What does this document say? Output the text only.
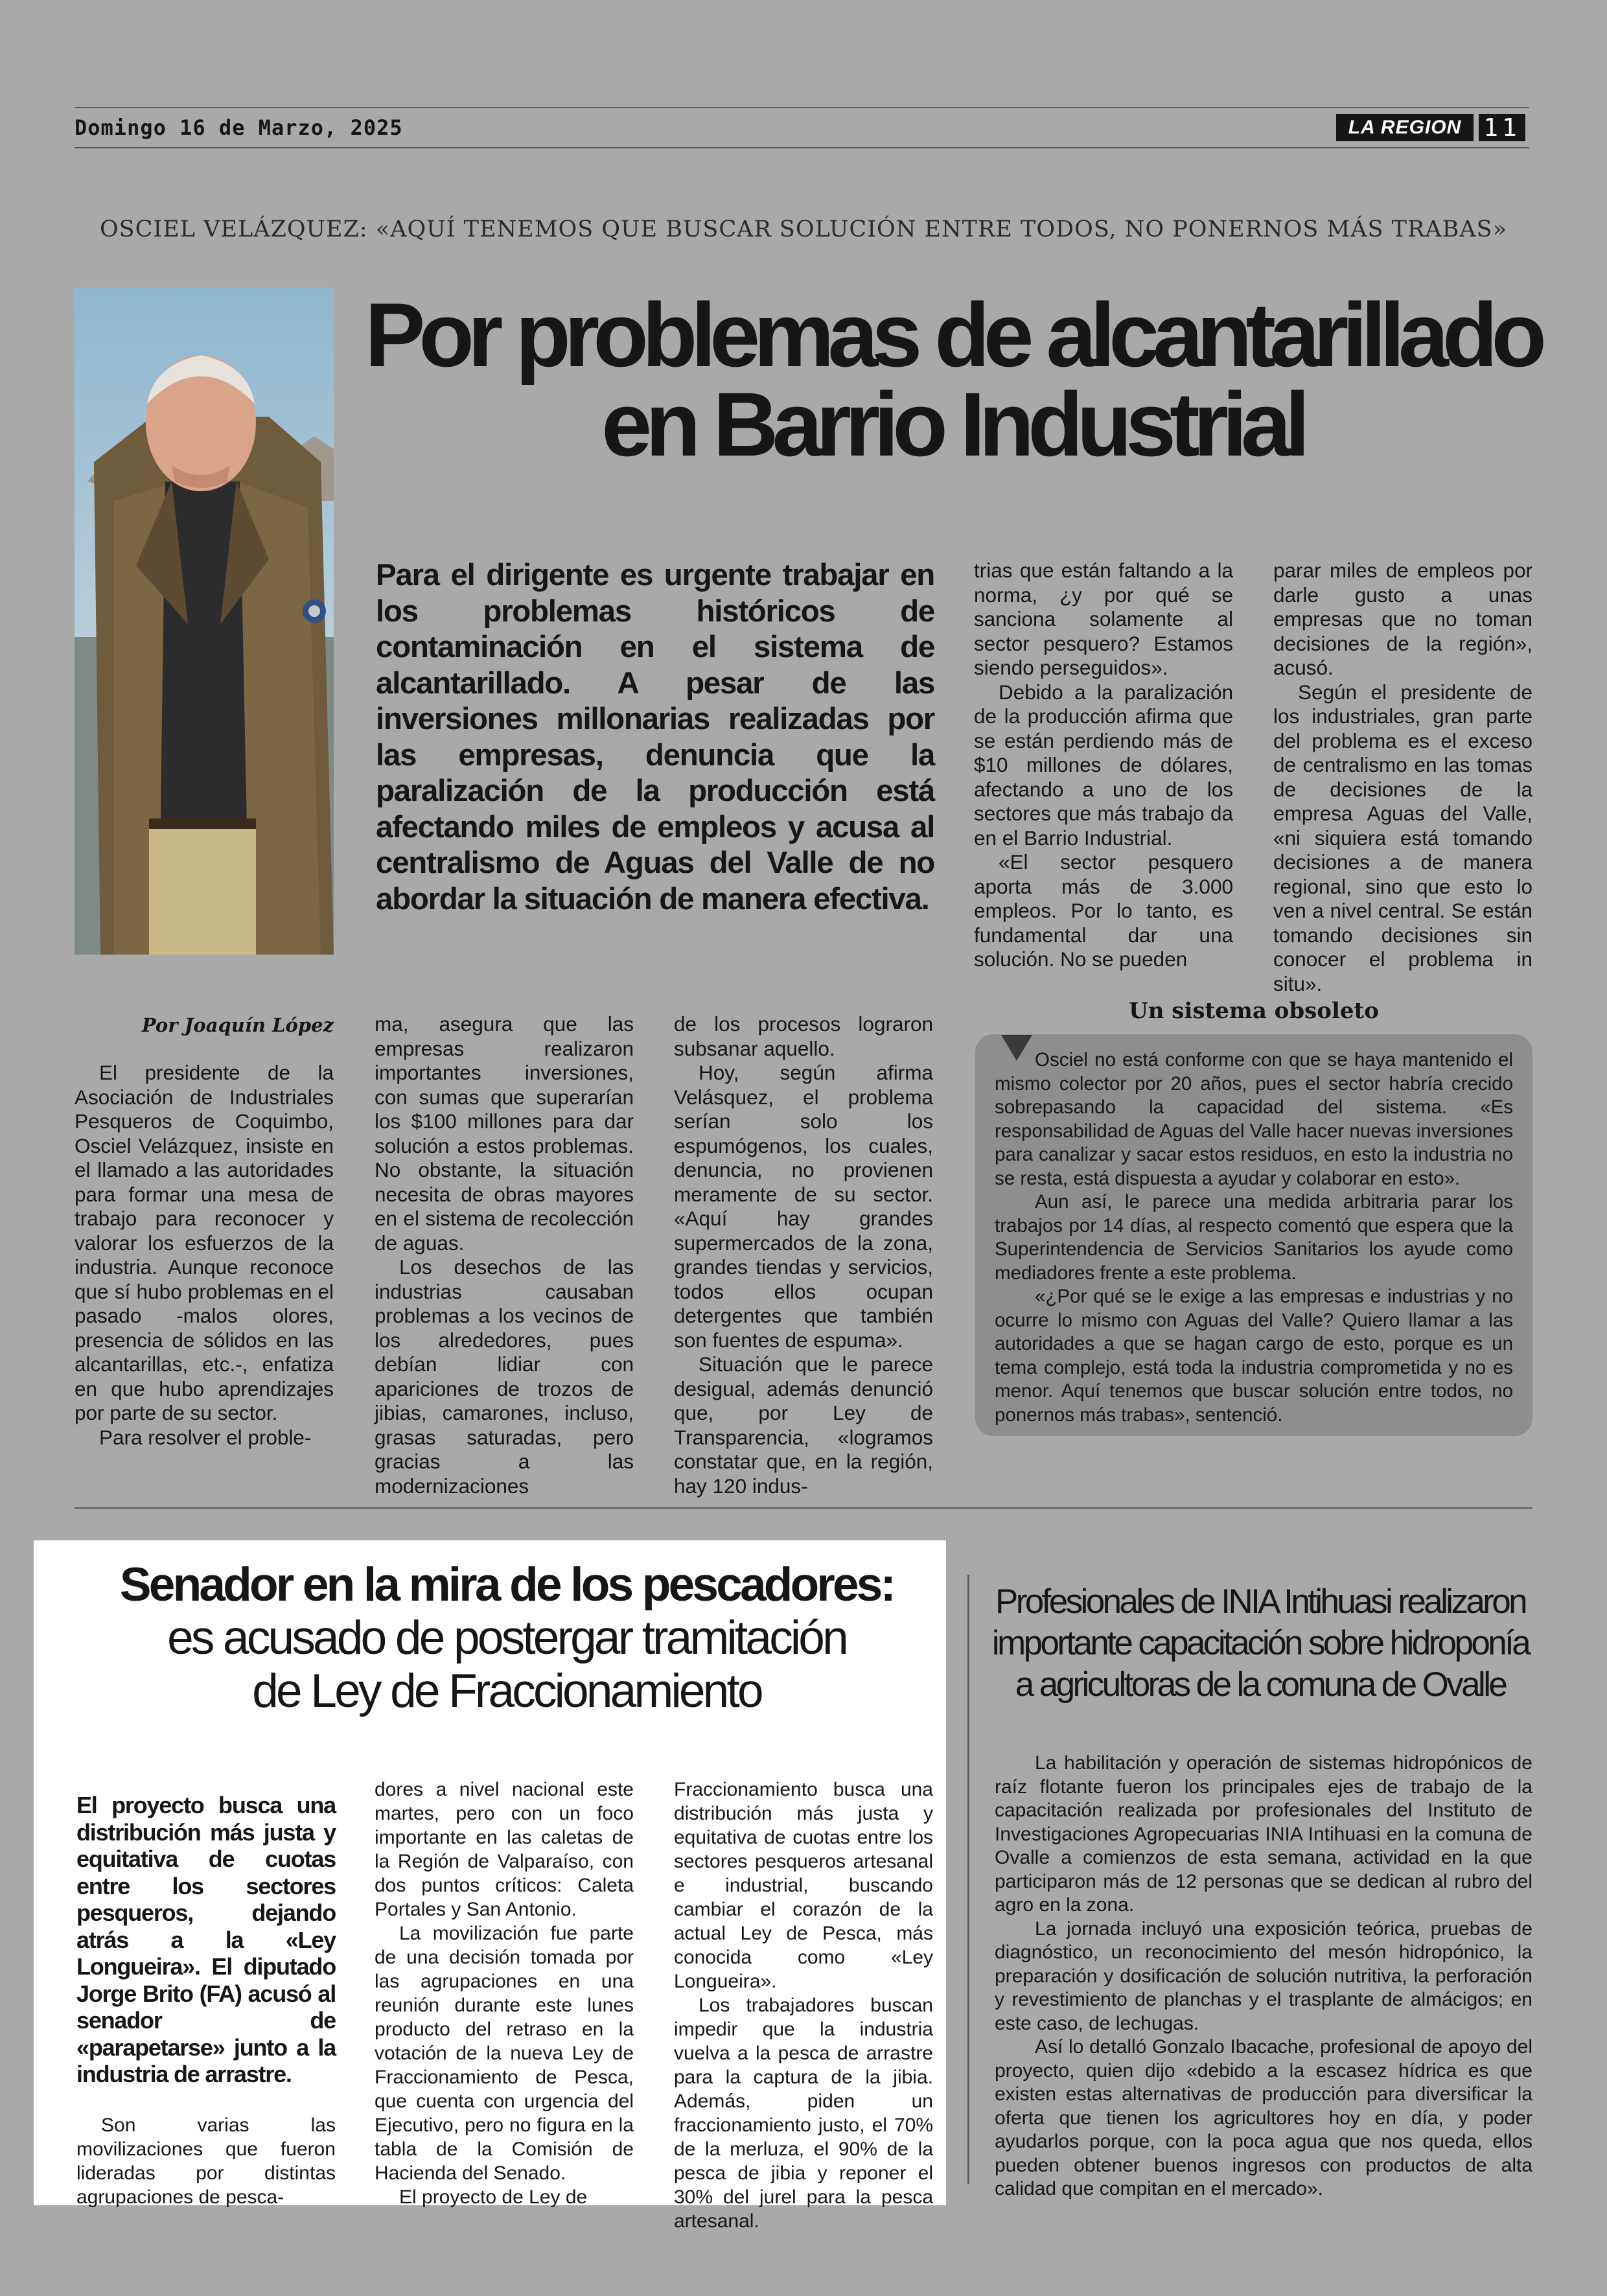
Domingo 16 de Marzo, 2025	LA REGION 11
OSCIEL VELÁZQUEZ: «AQUÍ TENEMOS QUE BUSCAR SOLUCIÓN ENTRE TODOS, NO PONERNOS MÁS TRABAS»
Por problemas de alcantarillado
en Barrio Industrial
Para el dirigente es urgente trabajar en los problemas históricos de contaminación en el sistema de alcantarillado. A pesar de las inversiones millonarias realizadas por las empresas, denuncia que la paralización de la producción está afectando miles de empleos y acusa al centralismo de Aguas del Valle de no abordar la situación de manera efectiva.

trias que están faltando a la norma, ¿y por qué se sanciona solamente al sector pesquero? Estamos siendo perseguidos».

Debido a la paralización de la producción afirma que se están perdiendo más de $10 millones de dólares, afectando a uno de los sectores que más trabajo da en el Barrio Industrial.

«El sector pesquero aporta más de 3.000 empleos. Por lo tanto, es fundamental dar una solución. No se pueden

parar miles de empleos por darle gusto a unas empresas que no toman decisiones de la región», acusó.

Según el presidente de los industriales, gran parte del problema es el exceso de centralismo en las tomas de decisiones de la empresa Aguas del Valle, «ni siquiera está tomando decisiones a de manera regional, sino que esto lo ven a nivel central. Se están tomando decisiones sin conocer el problema in situ».

Por Joaquín López

El presidente de la Asociación de Industriales Pesqueros de Coquimbo, Osciel Velázquez, insiste en el llamado a las autoridades para formar una mesa de trabajo para reconocer y valorar los esfuerzos de la industria. Aunque reconoce que sí hubo problemas en el pasado -malos olores, presencia de sólidos en las alcantarillas, etc.-, enfatiza en que hubo aprendizajes por parte de su sector.

Para resolver el proble-

ma, asegura que las empresas realizaron importantes inversiones, con sumas que superarían los $100 millones para dar solución a estos problemas. No obstante, la situación necesita de obras mayores en el sistema de recolección de aguas.

Los desechos de las industrias causaban problemas a los vecinos de los alrededores, pues debían lidiar con apariciones de trozos de jibias, camarones, incluso, grasas saturadas, pero gracias a las modernizaciones

de los procesos lograron subsanar aquello.

Hoy, según afirma Velásquez, el problema serían solo los espumógenos, los cuales, denuncia, no provienen meramente de su sector. «Aquí hay grandes supermercados de la zona, grandes tiendas y servicios, todos ellos ocupan detergentes que también son fuentes de espuma».

Situación que le parece desigual, además denunció que, por Ley de Transparencia, «logramos constatar que, en la región, hay 120 indus-

Un sistema obsoleto

Osciel no está conforme con que se haya mantenido el mismo colector por 20 años, pues el sector habría crecido sobrepasando la capacidad del sistema. «Es responsabilidad de Aguas del Valle hacer nuevas inversiones para canalizar y sacar estos residuos, en esto la industria no se resta, está dispuesta a ayudar y colaborar en esto».

Aun así, le parece una medida arbitraria parar los trabajos por 14 días, al respecto comentó que espera que la Superintendencia de Servicios Sanitarios los ayude como mediadores frente a este problema.

«¿Por qué se le exige a las empresas e industrias y no ocurre lo mismo con Aguas del Valle? Quiero llamar a las autoridades a que se hagan cargo de esto, porque es un tema complejo, está toda la industria comprometida y no es menor. Aquí tenemos que buscar solución entre todos, no ponernos más trabas», sentenció.

Senador en la mira de los pescadores:
es acusado de postergar tramitación
de Ley de Fraccionamiento
El proyecto busca una distribución más justa y equitativa de cuotas entre los sectores pesqueros, dejando atrás a la «Ley Longueira». El diputado Jorge Brito (FA) acusó al senador de «parapetarse» junto a la industria de arrastre.

Son varias las movilizaciones que fueron lideradas por distintas agrupaciones de pesca-

dores a nivel nacional este martes, pero con un foco importante en las caletas de la Región de Valparaíso, con dos puntos críticos: Caleta Portales y San Antonio.

La movilización fue parte de una decisión tomada por las agrupaciones en una reunión durante este lunes producto del retraso en la votación de la nueva Ley de Fraccionamiento de Pesca, que cuenta con urgencia del Ejecutivo, pero no figura en la tabla de la Comisión de Hacienda del Senado.

El proyecto de Ley de

Fraccionamiento busca una distribución más justa y equitativa de cuotas entre los sectores pesqueros artesanal e industrial, buscando cambiar el corazón de la actual Ley de Pesca, más conocida como «Ley Longueira».

Los trabajadores buscan impedir que la industria vuelva a la pesca de arrastre para la captura de la jibia. Además, piden un fraccionamiento justo, el 70% de la merluza, el 90% de la pesca de jibia y reponer el 30% del jurel para la pesca artesanal.

Profesionales de INIA Intihuasi realizaron
importante capacitación sobre hidroponía
a agricultoras de la comuna de Ovalle

La habilitación y operación de sistemas hidropónicos de raíz flotante fueron los principales ejes de trabajo de la capacitación realizada por profesionales del Instituto de Investigaciones Agropecuarias INIA Intihuasi en la comuna de Ovalle a comienzos de esta semana, actividad en la que participaron más de 12 personas que se dedican al rubro del agro en la zona.

La jornada incluyó una exposición teórica, pruebas de diagnóstico, un reconocimiento del mesón hidropónico, la preparación y dosificación de solución nutritiva, la perforación y revestimiento de planchas y el trasplante de almácigos; en este caso, de lechugas.

Así lo detalló Gonzalo Ibacache, profesional de apoyo del proyecto, quien dijo «debido a la escasez hídrica es que existen estas alternativas de producción para diversificar la oferta que tienen los agricultores hoy en día, y poder ayudarlos porque, con la poca agua que nos queda, ellos pueden obtener buenos ingresos con productos de alta calidad que compitan en el mercado».
